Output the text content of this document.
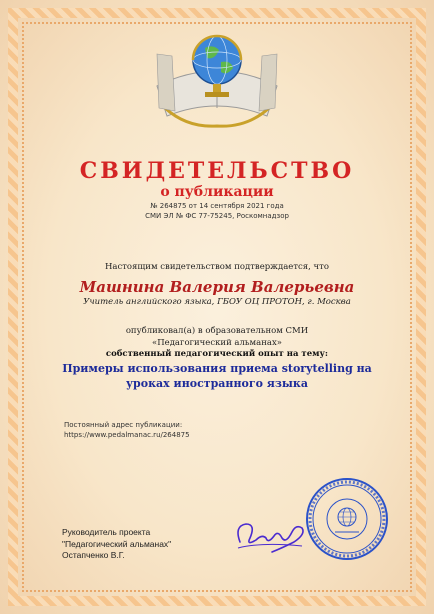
СВИДЕТЕЛЬСТВО
о публикации
№ 264875 от 14 сентября 2021 года
СМИ ЭЛ № ФС 77-75245, Роскомнадзор
Настоящим свидетельством подтверждается, что
Машнина Валерия Валерьевна
Учитель английского языка, ГБОУ ОЦ ПРОТОН, г. Москва
опубликовал(а) в образовательном СМИ
«Педагогический альманах»
собственный педагогический опыт на тему:
Примеры использования приема storytelling на уроках иностранного языка
Постоянный адрес публикации:
https://www.pedalmanac.ru/264875
Руководитель проекта
"Педагогический альманах"
Остапченко В.Г.
